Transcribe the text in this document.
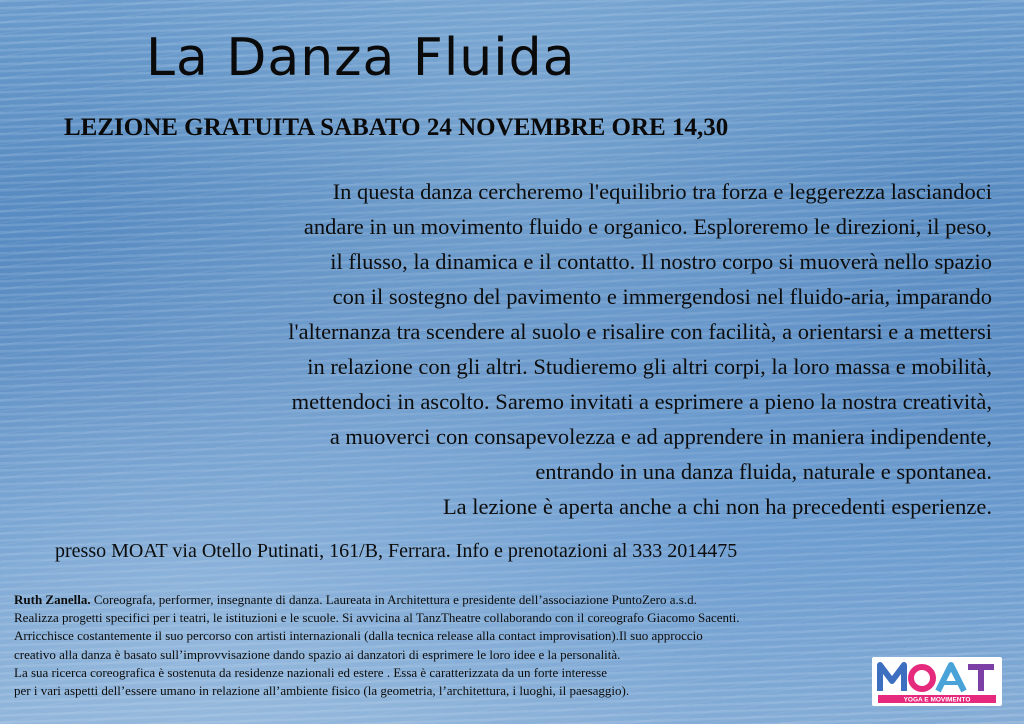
La Danza Fluida
LEZIONE GRATUITA SABATO 24 NOVEMBRE ORE 14,30
In questa danza cercheremo l'equilibrio tra forza e leggerezza lasciandoci
andare in un movimento fluido e organico. Esploreremo le direzioni, il peso,
il flusso, la dinamica e il contatto. Il nostro corpo si muoverà nello spazio
con il sostegno del pavimento e immergendosi nel fluido-aria, imparando
l'alternanza tra scendere al suolo e risalire con facilità, a orientarsi e a mettersi
in relazione con gli altri. Studieremo gli altri corpi, la loro massa e mobilità,
mettendoci in ascolto. Saremo invitati a esprimere a pieno la nostra creatività,
a muoverci con consapevolezza e ad apprendere in maniera indipendente,
entrando in una danza fluida, naturale e spontanea.
La lezione è aperta anche a chi non ha precedenti esperienze.
presso MOAT via Otello Putinati, 161/B, Ferrara. Info e prenotazioni al 333 2014475
Ruth Zanella. Coreografa, performer, insegnante di danza. Laureata in Architettura e presidente dell’associazione PuntoZero a.s.d.
Realizza progetti specifici per i teatri, le istituzioni e le scuole. Si avvicina al TanzTheatre collaborando con il coreografo Giacomo Sacenti.
Arricchisce costantemente il suo percorso con artisti internazionali (dalla tecnica release alla contact improvisation).Il suo approccio
creativo alla danza è basato sull’improvvisazione dando spazio ai danzatori di esprimere le loro idee e la personalità.
La sua ricerca coreografica è sostenuta da residenze nazionali ed estere . Essa è caratterizzata da un forte interesse
per i vari aspetti dell’essere umano in relazione all’ambiente fisico (la geometria, l’architettura, i luoghi, il paesaggio).
YOGA E MOVIMENTO
